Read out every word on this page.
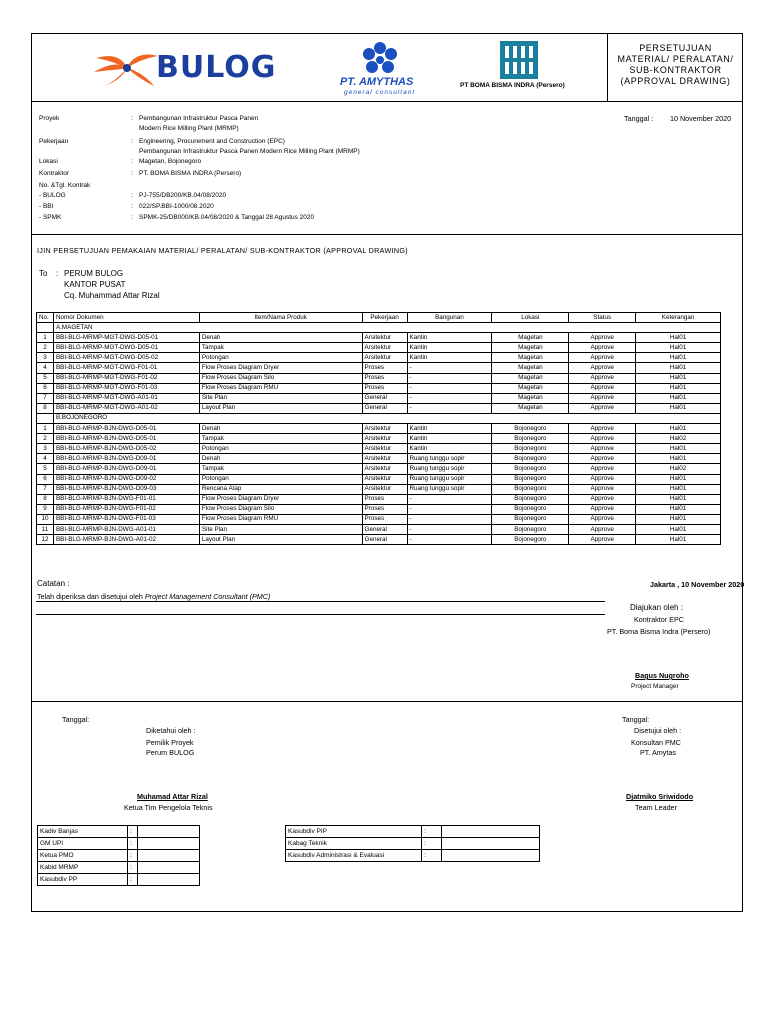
BULOG	PT. AMYTHAS
general consultant
PT BOMA BISMA INDRA (Persero)
PERSETUJUAN
MATERIAL/ PERALATAN/
SUB-KONTRAKTOR
(APPROVAL DRAWING)
Proyek	: Pembangunan Infrastruktur Pasca Panen
Modern Rice Milling Plant (MRMP)
Pekerjaan	: Engineering, Procurement and Construction (EPC)
Pembangunan Infrastruktur Pasca Panen Modern Rice Milling Plant (MRMP)
Lokasi	: Magetan, Bojonegoro
Kontraktor	: PT. BOMA BISMA INDRA (Persero)
No. &Tgl. Kontrak
- BULOG	: PJ-755/DB200/KB.04/08/2020
- BBI	: 022/SP.BBI-1000/08.2020
- SPMK	: SPMK-25/DB000/KB.04/08/2020 & Tanggal 28 Agustus 2020
Tanggal : 10 November 2020
IJIN PERSETUJUAN PEMAKAIAN MATERIAL/ PERALATAN/ SUB-KONTRAKTOR (APPROVAL DRAWING)
To : PERUM BULOG
KANTOR PUSAT
Cq. Muhammad Attar Rizal
No.	Nomor Dokumen	Item/Nama Produk	Pekerjaan	Bangunan	Lokasi	Status	Keterangan
	A.MAGETAN						
1	BBI-BLG-MRMP-MGT-DWG-D05-01	Denah	Arsitektur	Kantin	Magetan	Approve	Hal01
2	BBI-BLG-MRMP-MGT-DWG-D05-01	Tampak	Arsitektur	Kantin	Magetan	Approve	Hal01
3	BBI-BLG-MRMP-MGT-DWG-D05-02	Potongan	Arsitektur	Kantin	Magetan	Approve	Hal01
4	BBI-BLG-MRMP-MGT-DWG-F01-01	Flow Proses Diagram Dryer	Proses	-	Magetan	Approve	Hal01
5	BBI-BLG-MRMP-MGT-DWG-F01-02	Flow Proses Diagram Silo	Proses	-	Magetan	Approve	Hal01
6	BBI-BLG-MRMP-MGT-DWG-F01-03	Flow Proses Diagram RMU	Proses	-	Magetan	Approve	Hal01
7	BBI-BLG-MRMP-MGT-DWG-A01-01	Site Plan	General	-	Magetan	Approve	Hal01
8	BBI-BLG-MRMP-MGT-DWG-A01-02	Layout Plan	General	-	Magetan	Approve	Hal01
	B.BOJONEGORO						
1	BBI-BLG-MRMP-BJN-DWG-D05-01	Denah	Arsitektur	Kantin	Bojonegoro	Approve	Hal01
2	BBI-BLG-MRMP-BJN-DWG-D05-01	Tampak	Arsitektur	Kantin	Bojonegoro	Approve	Hal02
3	BBI-BLG-MRMP-BJN-DWG-D05-02	Potongan	Arsitektur	Kantin	Bojonegoro	Approve	Hal01
4	BBI-BLG-MRMP-BJN-DWG-D09-01	Denah	Arsitektur	Ruang tunggu sopir	Bojonegoro	Approve	Hal01
5	BBI-BLG-MRMP-BJN-DWG-D09-01	Tampak	Arsitektur	Ruang tunggu sopir	Bojonegoro	Approve	Hal02
6	BBI-BLG-MRMP-BJN-DWG-D09-02	Potongan	Arsitektur	Ruang tunggu sopir	Bojonegoro	Approve	Hal01
7	BBI-BLG-MRMP-BJN-DWG-D09-03	Rencana Atap	Arsitektur	Ruang tunggu sopir	Bojonegoro	Approve	Hal01
8	BBI-BLG-MRMP-BJN-DWG-F01-01	Flow Proses Diagram Dryer	Proses	-	Bojonegoro	Approve	Hal01
9	BBI-BLG-MRMP-BJN-DWG-F01-02	Flow Proses Diagram Silo	Proses	-	Bojonegoro	Approve	Hal01
10	BBI-BLG-MRMP-BJN-DWG-F01-03	Flow Proses Diagram RMU	Proses	-	Bojonegoro	Approve	Hal01
11	BBI-BLG-MRMP-BJN-DWG-A01-01	Site Plan	General	-	Bojonegoro	Approve	Hal01
12	BBI-BLG-MRMP-BJN-DWG-A01-02	Layout Plan	General	-	Bojonegoro	Approve	Hal01
Catatan :
Telah diperiksa dan disetujui oleh Project Management Consultant (PMC)
Jakarta , 10 November 2020
Diajukan oleh :
Kontraktor EPC
PT. Boma Bisma Indra (Persero)
Bagus Nugroho
Project Manager
Tanggal:
Diketahui oleh :
Pemilik Proyek
Perum BULOG
Muhamad Attar Rizal
Ketua Tim Pengelola Teknis
Tanggal:
Disetujui oleh :
Konsultan PMC
PT. Amytas
Djatmiko Sriwidodo
Team Leader
Kadiv Banjas	:	
GM UPI	:	
Ketua PMO	:	
Kabid MRMP	:	
Kasubdiv PP	:	
Kasubdiv PIP	:	
Kabag Teknik	:	
Kasubdiv Administrasi & Evaluasi	:	
